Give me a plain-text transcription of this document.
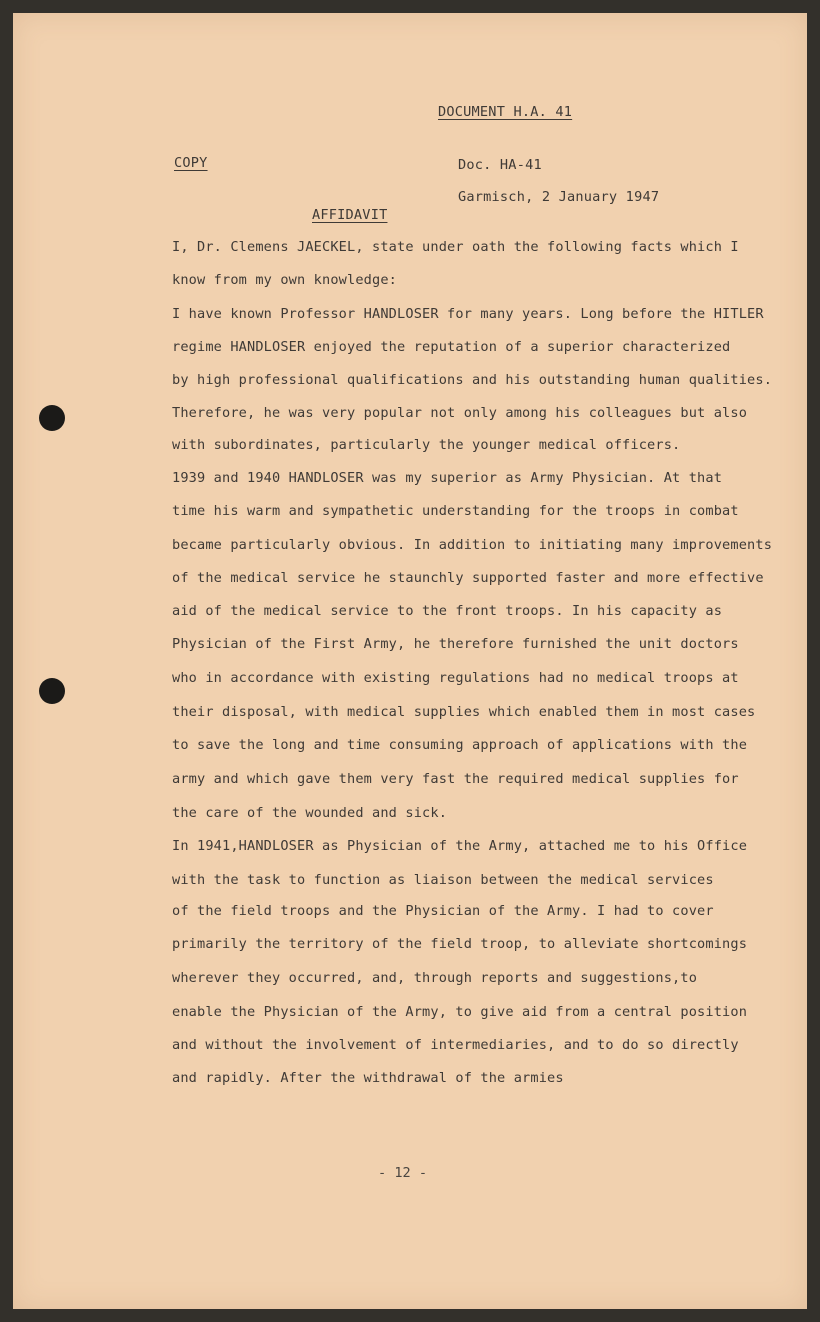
DOCUMENT H.A. 41
COPY	Doc. HA-41
Garmisch, 2 January 1947
AFFIDAVIT
I, Dr. Clemens JAECKEL, state under oath the following facts which I
know from my own knowledge:
I have known Professor HANDLOSER for many years. Long before the HITLER
regime HANDLOSER enjoyed the reputation of a superior characterized
by high professional qualifications and his outstanding human qualities.
Therefore, he was very popular not only among his colleagues but also
with subordinates, particularly the younger medical officers.
1939 and 1940 HANDLOSER was my superior as Army Physician. At that
time his warm and sympathetic understanding for the troops in combat
became particularly obvious. In addition to initiating many improvements
of the medical service he staunchly supported faster and more effective
aid of the medical service to the front troops. In his capacity as
Physician of the First Army, he therefore furnished the unit doctors
who in accordance with existing regulations had no medical troops at
their disposal, with medical supplies which enabled them in most cases
to save the long and time consuming approach of applications with the
army and which gave them very fast the required medical supplies for
the care of the wounded and sick.
In 1941,HANDLOSER as Physician of the Army, attached me to his Office
with the task to function as liaison between the medical services
of the field troops and the Physician of the Army. I had to cover
primarily the territory of the field troop, to alleviate shortcomings
wherever they occurred, and, through reports and suggestions,to
enable the Physician of the Army, to give aid from a central position
and without the involvement of intermediaries, and to do so directly
and rapidly. After the withdrawal of the armies
- 12 -
